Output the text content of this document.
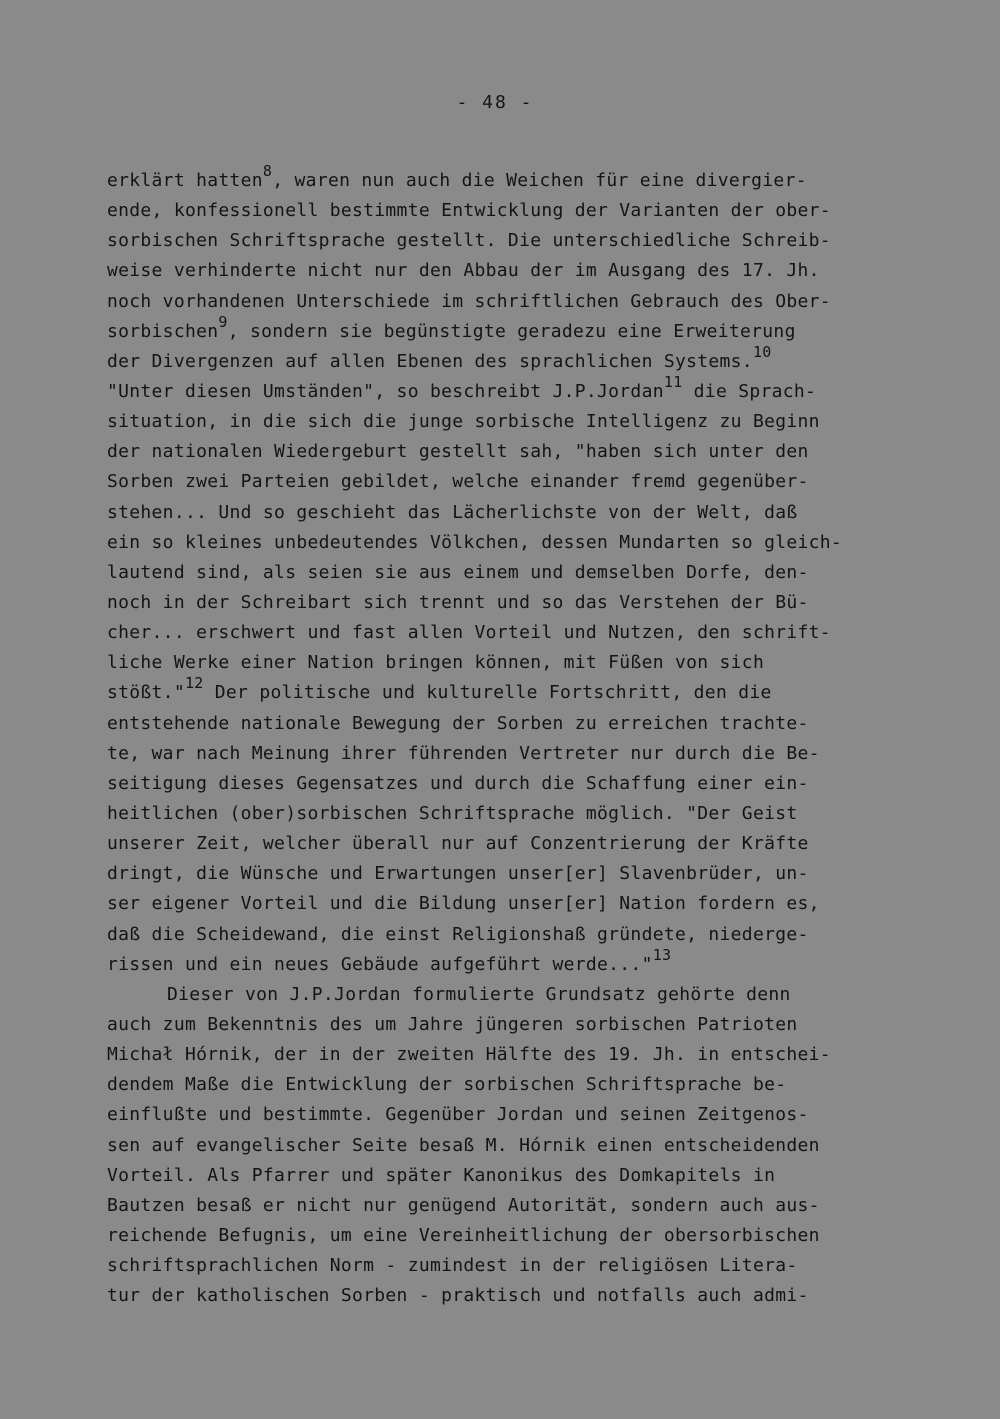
- 48 -
erklärt hatten$^8$, waren nun auch die Weichen für eine divergier-
ende, konfessionell bestimmte Entwicklung der Varianten der ober-
sorbischen Schriftsprache gestellt. Die unterschiedliche Schreib-
weise verhinderte nicht nur den Abbau der im Ausgang des 17. Jh.
noch vorhandenen Unterschiede im schriftlichen Gebrauch des Ober-
sorbischen$^9$, sondern sie begünstigte geradezu eine Erweiterung
der Divergenzen auf allen Ebenen des sprachlichen Systems.$^{10}$
"Unter diesen Umständen", so beschreibt J.P.Jordan$^{11}$ die Sprach-
situation, in die sich die junge sorbische Intelligenz zu Beginn
der nationalen Wiedergeburt gestellt sah, "haben sich unter den
Sorben zwei Parteien gebildet, welche einander fremd gegenüber-
stehen... Und so geschieht das Lächerlichste von der Welt, daß
ein so kleines unbedeutendes Völkchen, dessen Mundarten so gleich-
lautend sind, als seien sie aus einem und demselben Dorfe, den-
noch in der Schreibart sich trennt und so das Verstehen der Bü-
cher... erschwert und fast allen Vorteil und Nutzen, den schrift-
liche Werke einer Nation bringen können, mit Füßen von sich
stößt."$^{12}$ Der politische und kulturelle Fortschritt, den die
entstehende nationale Bewegung der Sorben zu erreichen trachte-
te, war nach Meinung ihrer führenden Vertreter nur durch die Be-
seitigung dieses Gegensatzes und durch die Schaffung einer ein-
heitlichen (ober)sorbischen Schriftsprache möglich. "Der Geist
unserer Zeit, welcher überall nur auf Conzentrierung der Kräfte
dringt, die Wünsche und Erwartungen unser[er] Slavenbrüder, un-
ser eigener Vorteil und die Bildung unser[er] Nation fordern es,
daß die Scheidewand, die einst Religionshaß gründete, niederge-
rissen und ein neues Gebäude aufgeführt werde..."$^{13}$
Dieser von J.P.Jordan formulierte Grundsatz gehörte denn
auch zum Bekenntnis des um Jahre jüngeren sorbischen Patrioten
Michał Hórnik, der in der zweiten Hälfte des 19. Jh. in entschei-
dendem Maße die Entwicklung der sorbischen Schriftsprache be-
einflußte und bestimmte. Gegenüber Jordan und seinen Zeitgenos-
sen auf evangelischer Seite besaß M. Hórnik einen entscheidenden
Vorteil. Als Pfarrer und später Kanonikus des Domkapitels in
Bautzen besaß er nicht nur genügend Autorität, sondern auch aus-
reichende Befugnis, um eine Vereinheitlichung der obersorbischen
schriftsprachlichen Norm - zumindest in der religiösen Litera-
tur der katholischen Sorben - praktisch und notfalls auch admi-
